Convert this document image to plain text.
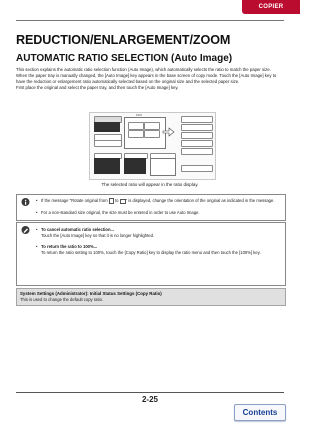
COPIER
REDUCTION/ENLARGEMENT/ZOOM
AUTOMATIC RATIO SELECTION (Auto Image)

This section explains the automatic ratio selection function (Auto Image), which automatically selects the ratio to match the paper size.

When the paper tray is manually changed, the [Auto Image] key appears in the base screen of copy mode. Touch the [Auto Image] key to have the reduction or enlargement ratio automatically selected based on the original size and the selected paper size.

First place the original and select the paper tray, and then touch the [Auto Image] key.

100%
The selected ratio will appear in the ratio display.
• If the message "Rotate original from  to " is displayed, change the orientation of the original as indicated in the message.
• For a non-standard size original, the size must be entered in order to use Auto Image.
• To cancel automatic ratio selection...
Touch the [Auto Image] key so that it is no longer highlighted.
• To return the ratio to 100%...
To return the ratio setting to 100%, touch the [Copy Ratio] key to display the ratio menu and then touch the [100%] key.
System Settings (Administrator): Initial Status Settings (Copy Ratio)
This is used to change the default copy ratio.
2-25
Contents
